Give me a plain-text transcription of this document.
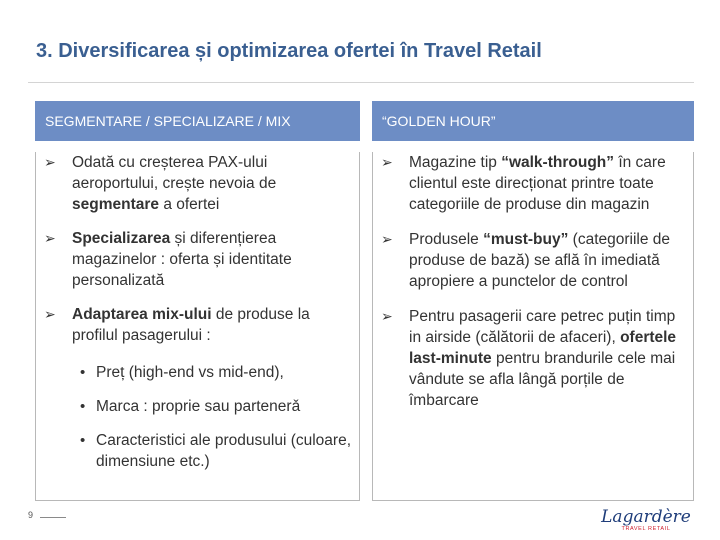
3. Diversificarea și optimizarea ofertei în Travel Retail
SEGMENTARE / SPECIALIZARE / MIX
➢ Odată cu creșterea PAX-ului aeroportului, crește nevoia de segmentare a ofertei
➢ Specializarea și diferențierea magazinelor : oferta și identitate personalizată
➢ Adaptarea mix-ului de produse la profilul pasagerului :
• Preț (high-end vs mid-end),
• Marca : proprie sau partenerǎ
• Caracteristici ale produsului (culoare, dimensiune etc.)
“GOLDEN HOUR”
➢ Magazine tip “walk-through” în care clientul este direcționat printre toate categoriile de produse din magazin
➢ Produsele “must-buy” (categoriile de produse de bază) se află în imediată apropiere a punctelor de control
➢ Pentru pasagerii care petrec puțin timp in airside (călătorii de afaceri), ofertele last-minute pentru brandurile cele mai vândute se afla lângă porțile de îmbarcare
9	Lagardère
TRAVEL RETAIL
